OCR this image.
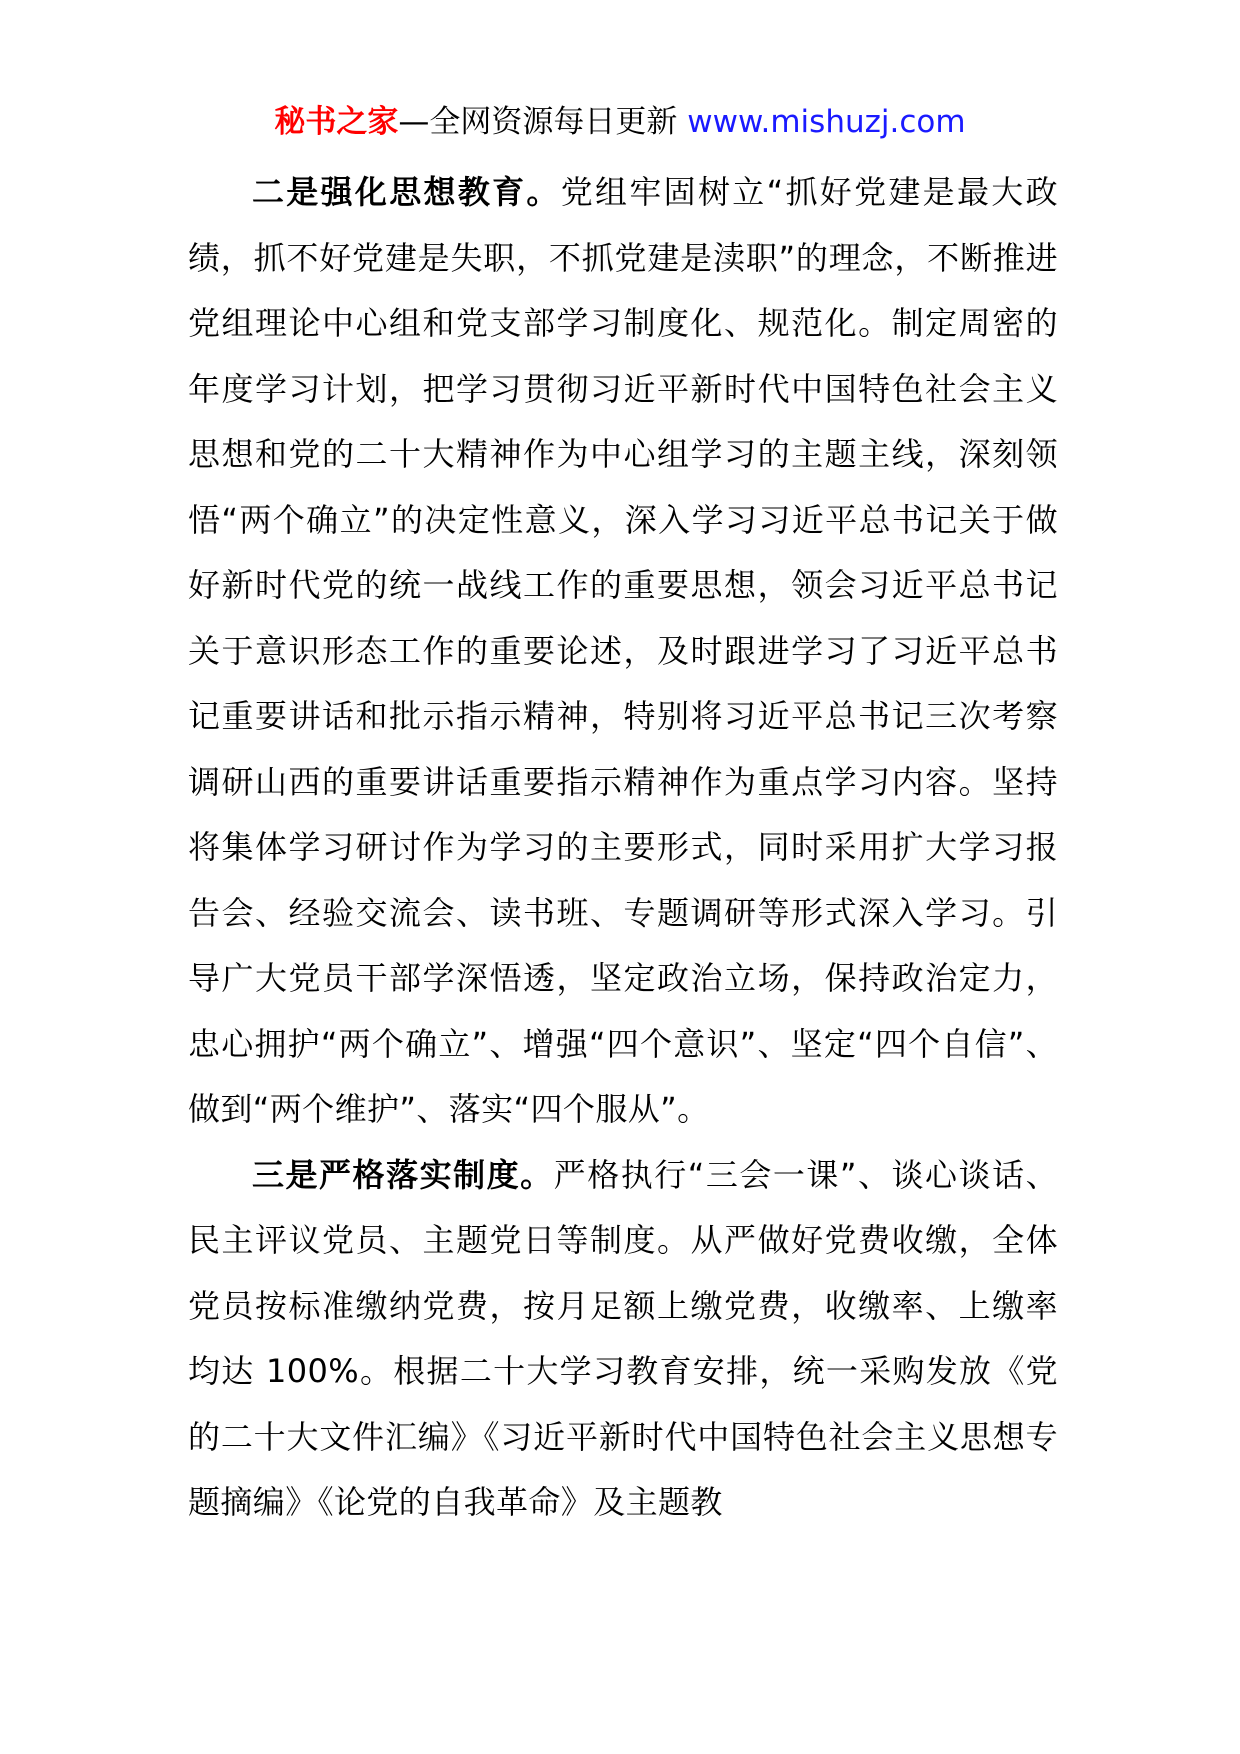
秘书之家—全网资源每日更新 www.mishuzj.com

二是强化思想教育。党组牢固树立“抓好党建是最大政绩，抓不好党建是失职，不抓党建是渎职”的理念，不断推进党组理论中心组和党支部学习制度化、规范化。制定周密的年度学习计划，把学习贯彻习近平新时代中国特色社会主义思想和党的二十大精神作为中心组学习的主题主线，深刻领悟“两个确立”的决定性意义，深入学习习近平总书记关于做好新时代党的统一战线工作的重要思想，领会习近平总书记关于意识形态工作的重要论述，及时跟进学习了习近平总书记重要讲话和批示指示精神，特别将习近平总书记三次考察调研山西的重要讲话重要指示精神作为重点学习内容。坚持将集体学习研讨作为学习的主要形式，同时采用扩大学习报告会、经验交流会、读书班、专题调研等形式深入学习。引导广大党员干部学深悟透，坚定政治立场，保持政治定力，忠心拥护“两个确立”、增强“四个意识”、坚定“四个自信”、做到“两个维护”、落实“四个服从”。

三是严格落实制度。严格执行“三会一课”、谈心谈话、民主评议党员、主题党日等制度。从严做好党费收缴，全体党员按标准缴纳党费，按月足额上缴党费，收缴率、上缴率均达 100%。根据二十大学习教育安排，统一采购发放《党的二十大文件汇编》《习近平新时代中国特色社会主义思想专题摘编》《论党的自我革命》及主题教
